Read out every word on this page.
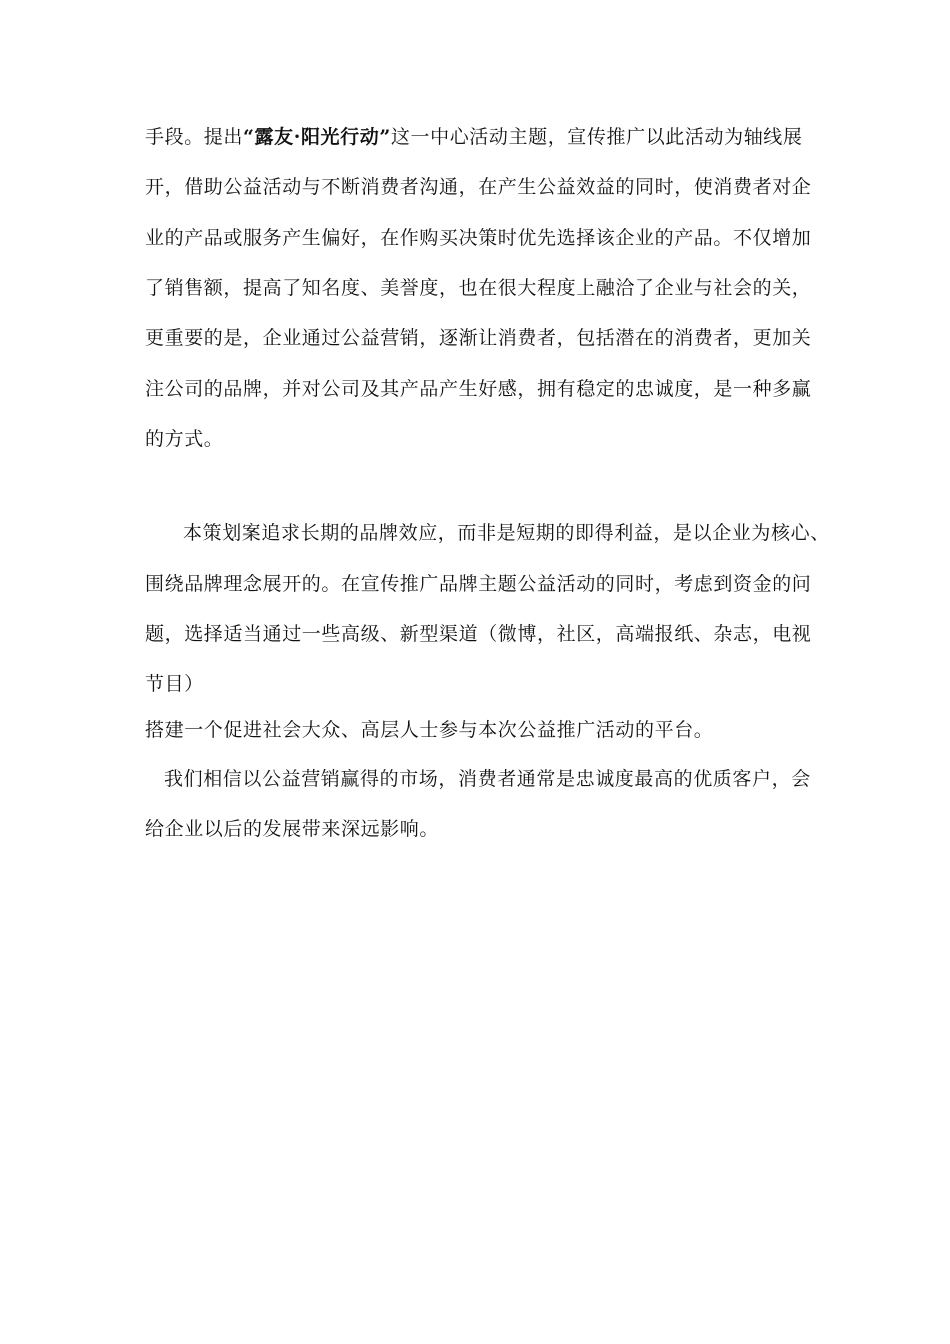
手段。提出“露友·阳光行动”这一中心活动主题，宣传推广以此活动为轴线展
开，借助公益活动与不断消费者沟通，在产生公益效益的同时，使消费者对企
业的产品或服务产生偏好，在作购买决策时优先选择该企业的产品。不仅增加
了销售额，提高了知名度、美誉度，也在很大程度上融洽了企业与社会的关，
更重要的是，企业通过公益营销，逐渐让消费者，包括潜在的消费者，更加关
注公司的品牌，并对公司及其产品产生好感，拥有稳定的忠诚度，是一种多赢
的方式。
本策划案追求长期的品牌效应，而非是短期的即得利益，是以企业为核心、
围绕品牌理念展开的。在宣传推广品牌主题公益活动的同时，考虑到资金的问
题，选择适当通过一些高级、新型渠道（微博，社区，高端报纸、杂志，电视
节目）
搭建一个促进社会大众、高层人士参与本次公益推广活动的平台。
我们相信以公益营销赢得的市场，消费者通常是忠诚度最高的优质客户，会
给企业以后的发展带来深远影响。
